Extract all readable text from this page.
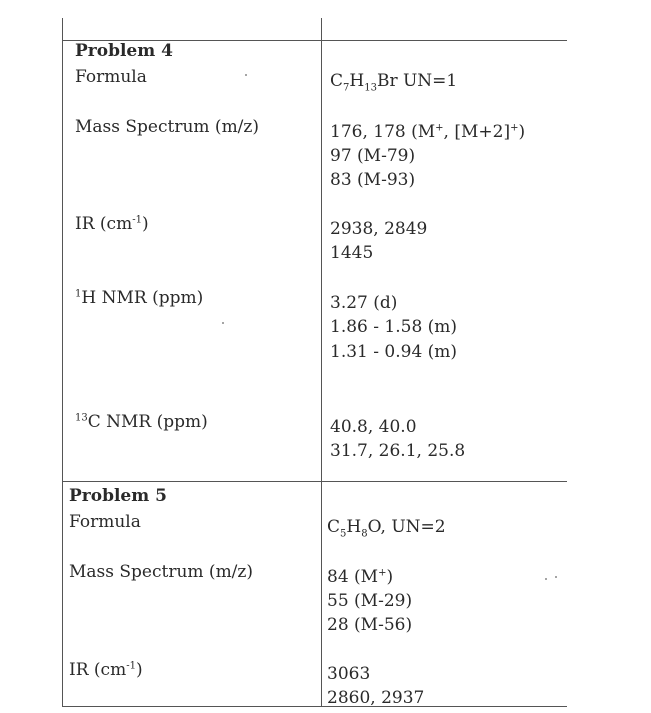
Problem 4
Formula	$C_7H_{13}Br$ UN=1
Mass Spectrum (m/z)	176, 178 (M+, [M+2]+)
97 (M-79)
83 (M-93)
IR $(cm^{-1})$	2938, 2849
1445
$^1$H NMR (ppm)	3.27 (d)
1.86 - 1.58 (m)
1.31 - 0.94 (m)
$^{13}$C NMR (ppm)	40.8, 40.0
31.7, 26.1, 25.8
Problem 5
Formula	$C_5H_8O$, UN=2
Mass Spectrum (m/z)	84 (M+)
55 (M-29)
28 (M-56)
IR $(cm^{-1})$	3063
2860, 2937
